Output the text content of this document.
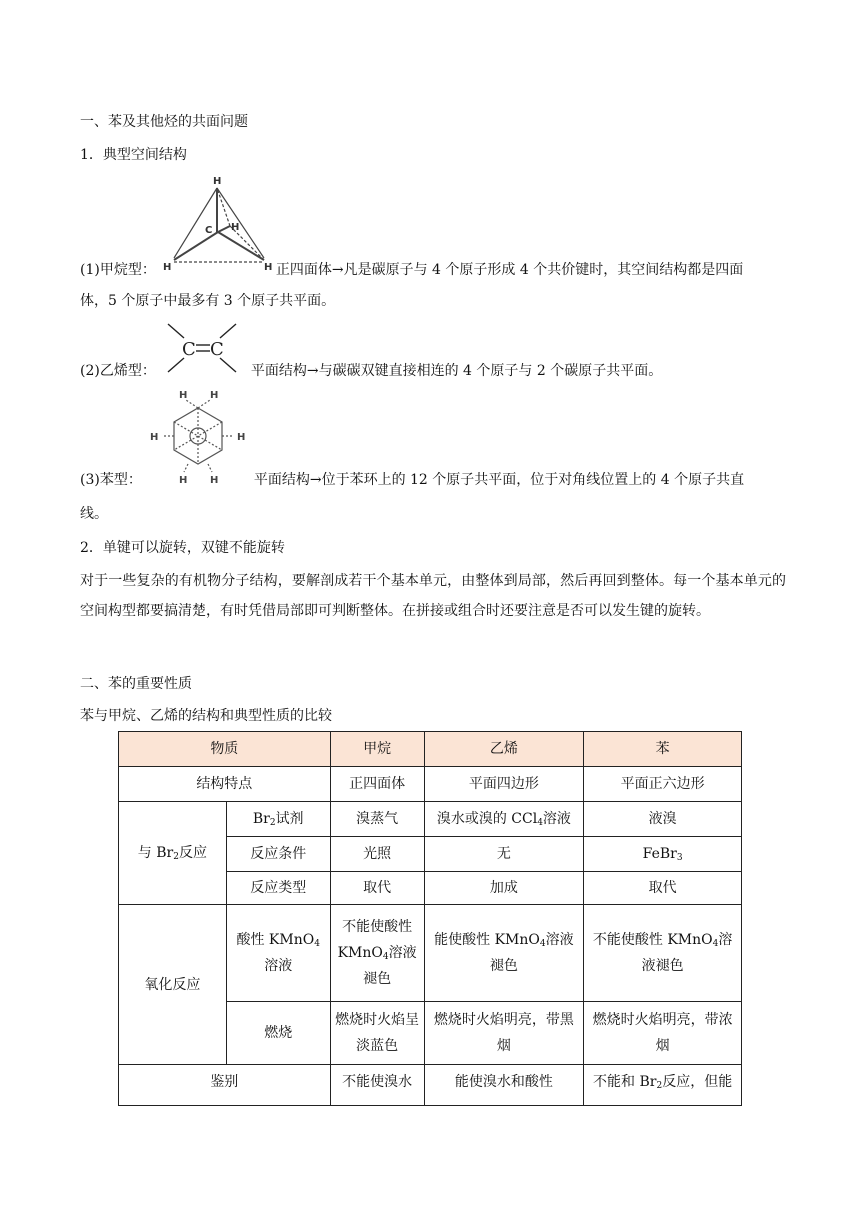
一、苯及其他烃的共面问题
1．典型空间结构
H
C H
H	H
(1)甲烷型：	正四面体→凡是碳原子与 4 个原子形成 4 个共价键时，其空间结构都是四面
体，5 个原子中最多有 3 个原子共平面。
C C
(2)乙烯型：	平面结构→与碳碳双键直接相连的 4 个原子与 2 个碳原子共平面。
H H
H	H
H H
(3)苯型：	平面结构→位于苯环上的 12 个原子共平面，位于对角线位置上的 4 个原子共直
线。
2．单键可以旋转，双键不能旋转
对于一些复杂的有机物分子结构，要解剖成若干个基本单元，由整体到局部，然后再回到整体。每一个基本单元的空间构型都要搞清楚，有时凭借局部即可判断整体。在拼接或组合时还要注意是否可以发生键的旋转。
二、苯的重要性质
苯与甲烷、乙烯的结构和典型性质的比较
物质		甲烷	乙烯	苯
结构特点		正四面体	平面四边形	平面正六边形
与 $Br_2$反应	$Br_2$试剂	溴蒸气	溴水或溴的 CCl$_4$溶液	液溴
	反应条件	光照	无	FeBr$_3$
	反应类型	取代	加成	取代
氧化反应	酸性 KMnO$_4$溶液	不能使酸性 KMnO$_4$溶液褪色	能使酸性 KMnO$_4$溶液褪色	不能使酸性 KMnO$_4$溶液褪色
	燃烧	燃烧时火焰呈淡蓝色	燃烧时火焰明亮，带黑烟	燃烧时火焰明亮，带浓烟
鉴别		不能使溴水	能使溴水和酸性	不能和 $Br_2$反应，但能
